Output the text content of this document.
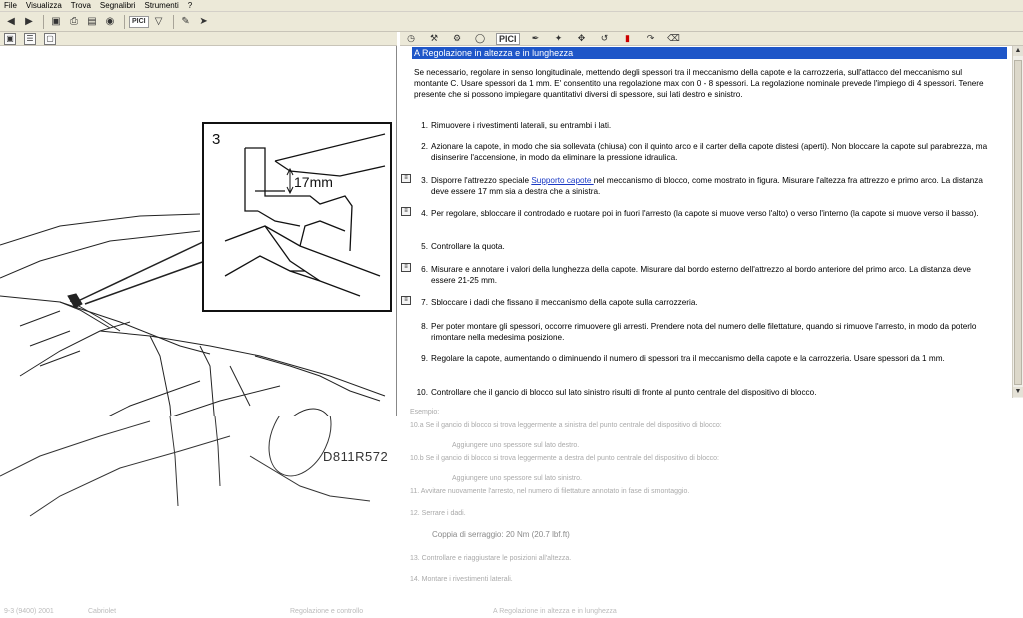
File Visualizza Trova Segnalibri Strumenti ?
◀	▶	▣ ⎙ ▤ ◉	PICI ▽	✎ ➤
▣	☰	▢	◷	⚒	⚙	◯	PICI	✒	✦	✥	↺	▮	↷	⌫
3
17mm
D811R572
A Regolazione in altezza e in lunghezza
Se necessario, regolare in senso longitudinale, mettendo degli spessori tra il meccanismo della capote e la carrozzeria, sull'attacco del meccanismo sul montante C. Usare spessori da 1 mm. E' consentito una regolazione max con 0 - 8 spessori. La regolazione nominale prevede l'impiego di 4 spessori. Tenere presente che si possono impiegare quantitativi diversi di spessore, sui lati destro e sinistro.
1. Rimuovere i rivestimenti laterali, su entrambi i lati.
2. Azionare la capote, in modo che sia sollevata (chiusa) con il quinto arco e il carter della capote distesi (aperti). Non bloccare la capote sul parabrezza, ma disinserire l'accensione, in modo da eliminare la pressione idraulica.
≡	3. Disporre l'attrezzo speciale Supporto capote nel meccanismo di blocco, come mostrato in figura. Misurare l'altezza fra attrezzo e primo arco. La distanza deve essere 17 mm sia a destra che a sinistra.
≡	4. Per regolare, sbloccare il controdado e ruotare poi in fuori l'arresto (la capote si muove verso l'alto) o verso l'interno (la capote si muove verso il basso).
5. Controllare la quota.
≡	6. Misurare e annotare i valori della lunghezza della capote. Misurare dal bordo esterno dell'attrezzo al bordo anteriore del primo arco. La distanza deve essere 21-25 mm.
≡	7. Sbloccare i dadi che fissano il meccanismo della capote sulla carrozzeria.
8. Per poter montare gli spessori, occorre rimuovere gli arresti. Prendere nota del numero delle filettature, quando si rimuove l'arresto, in modo da poterlo rimontare nella medesima posizione.
9. Regolare la capote, aumentando o diminuendo il numero di spessori tra il meccanismo della capote e la carrozzeria. Usare spessori da 1 mm.
10. Controllare che il gancio di blocco sul lato sinistro risulti di fronte al punto centrale del dispositivo di blocco.
▲
▼
Esempio:
10.a Se il gancio di blocco si trova leggermente a sinistra del punto centrale del dispositivo di blocco:
Aggiungere uno spessore sul lato destro.
10.b Se il gancio di blocco si trova leggermente a destra del punto centrale del dispositivo di blocco:
Aggiungere uno spessore sul lato sinistro.
11. Avvitare nuovamente l'arresto, nel numero di filettature annotato in fase di smontaggio.
12. Serrare i dadi.
Coppia di serraggio: 20 Nm (20.7 lbf.ft)
13. Controllare e riaggiustare le posizioni all'altezza.
14. Montare i rivestimenti laterali.
9-3 (9400) 2001	Cabriolet	Regolazione e controllo	A Regolazione in altezza e in lunghezza
